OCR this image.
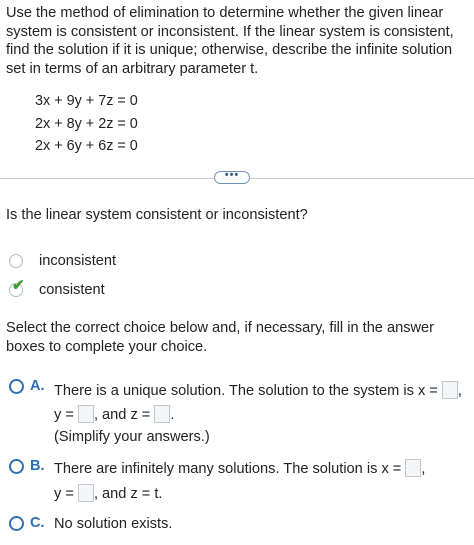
Use the method of elimination to determine whether the given linear system is consistent or inconsistent. If the linear system is consistent, find the solution if it is unique; otherwise, describe the infinite solution set in terms of an arbitrary parameter t.
3x + 9y + 7z = 0
2x + 8y + 2z = 0
2x + 6y + 6z = 0
•••
Is the linear system consistent or inconsistent?
inconsistent
✔ consistent
Select the correct choice below and, if necessary, fill in the answer boxes to complete your choice.
A. There is a unique solution. The solution to the system is x = ,
y = , and z = .
(Simplify your answers.)
B. There are infinitely many solutions. The solution is x = ,
y = , and z = t.
C. No solution exists.
